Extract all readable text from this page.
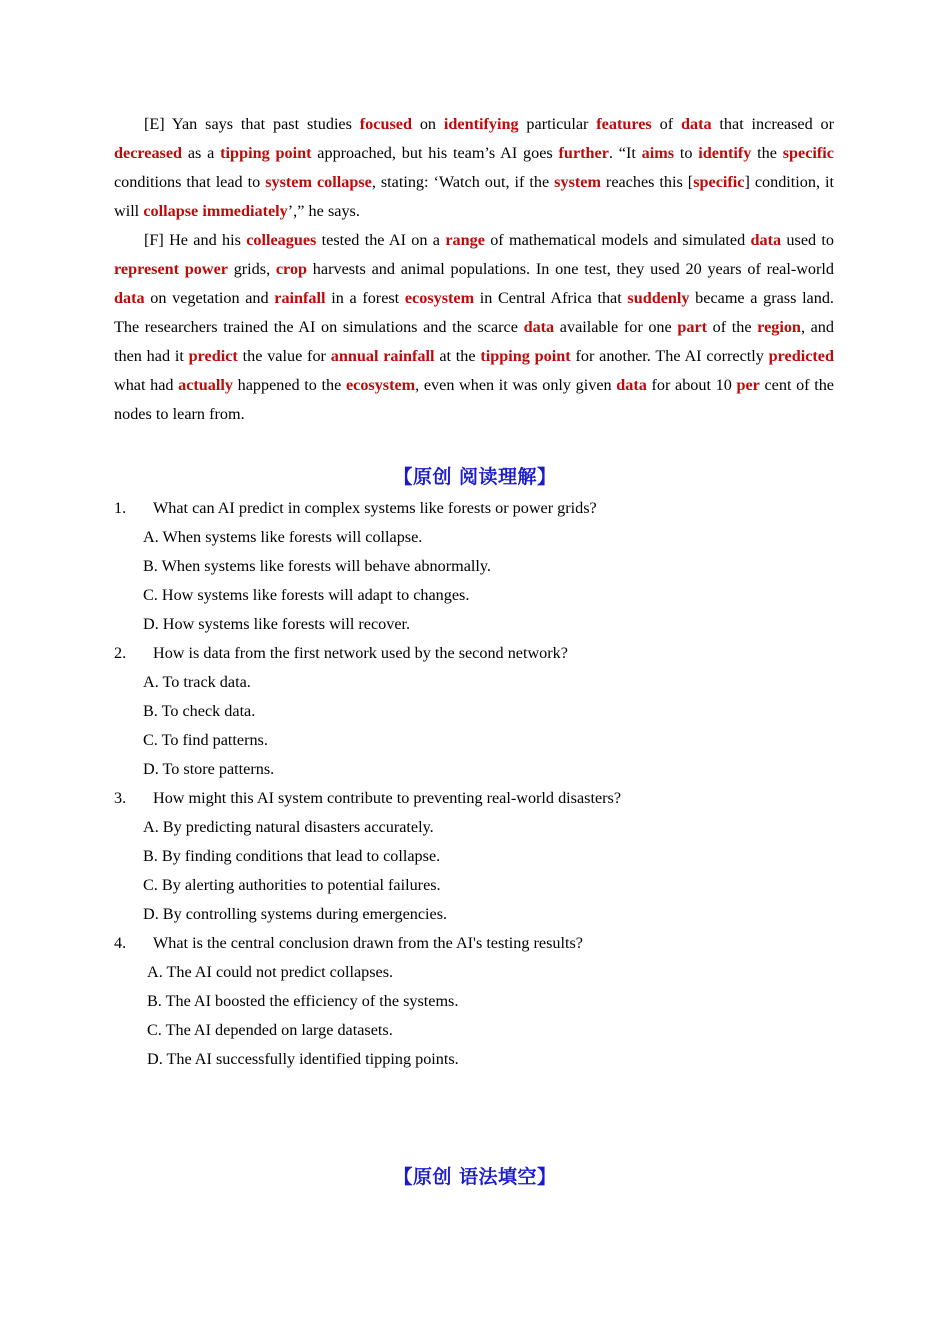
[E] Yan says that past studies focused on identifying particular features of data that increased or decreased as a tipping point approached, but his team’s AI goes further. “It aims to identify the specific conditions that lead to system collapse, stating: ‘Watch out, if the system reaches this [specific] condition, it will collapse immediately’,” he says.

[F] He and his colleagues tested the AI on a range of mathematical models and simulated data used to represent power grids, crop harvests and animal populations. In one test, they used 20 years of real-world data on vegetation and rainfall in a forest ecosystem in Central Africa that suddenly became a grass land. The researchers trained the AI on simulations and the scarce data available for one part of the region, and then had it predict the value for annual rainfall at the tipping point for another. The AI correctly predicted what had actually happened to the ecosystem, even when it was only given data for about 10 per cent of the nodes to learn from.

【原创 阅读理解】
1. What can AI predict in complex systems like forests or power grids?
A. When systems like forests will collapse.
B. When systems like forests will behave abnormally.
C. How systems like forests will adapt to changes.
D. How systems like forests will recover.
2. How is data from the first network used by the second network?
A. To track data.
B. To check data.
C. To find patterns.
D. To store patterns.
3. How might this AI system contribute to preventing real-world disasters?
A. By predicting natural disasters accurately.
B. By finding conditions that lead to collapse.
C. By alerting authorities to potential failures.
D. By controlling systems during emergencies.
4. What is the central conclusion drawn from the AI's testing results?
A. The AI could not predict collapses.
B. The AI boosted the efficiency of the systems.
C. The AI depended on large datasets.
D. The AI successfully identified tipping points.
【原创 语法填空】
